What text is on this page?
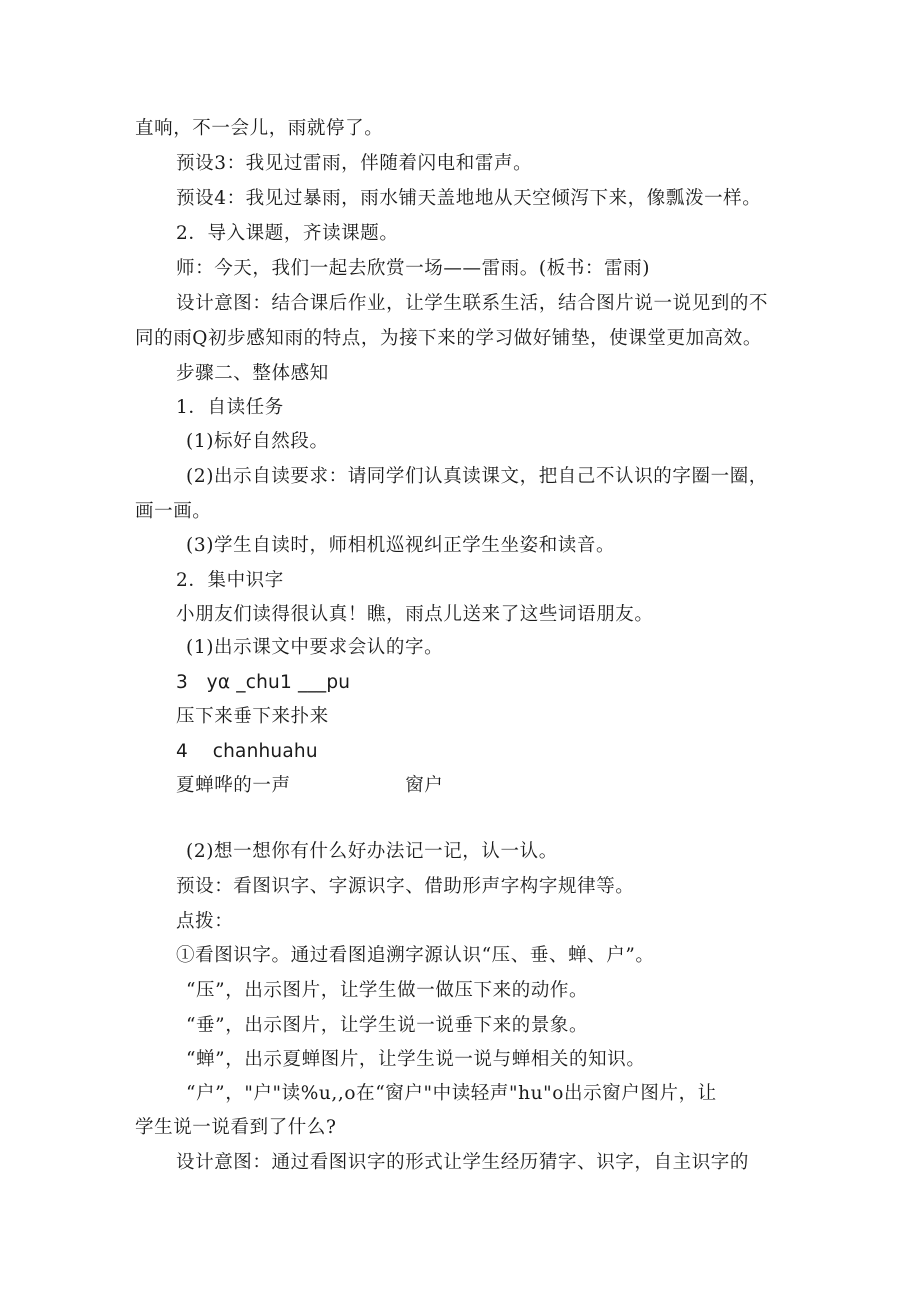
直响，不一会儿，雨就停了。
预设3：我见过雷雨，伴随着闪电和雷声。
预设4：我见过暴雨，雨水铺天盖地地从天空倾泻下来，像瓢泼一样。
2．导入课题，齐读课题。
师：今天，我们一起去欣赏一场——雷雨。(板书：雷雨)
设计意图：结合课后作业，让学生联系生活，结合图片说一说见到的不
同的雨Q初步感知雨的特点，为接下来的学习做好铺垫，使课堂更加高效。
步骤二、整体感知
1．自读任务
(1)标好自然段。
(2)出示自读要求：请同学们认真读课文，把自己不认识的字圈一圈，
画一画。
(3)学生自读时，师相机巡视纠正学生坐姿和读音。
2．集中识字
小朋友们读得很认真！瞧，雨点儿送来了这些词语朋友。
(1)出示课文中要求会认的字。
3　yα _chu1 ___pu
压下来垂下来扑来
4　 chanhuahu
夏蝉哗的一声　　　　　　窗户
(2)想一想你有什么好办法记一记，认一认。
预设：看图识字、字源识字、借助形声字构字规律等。
点拨：
①看图识字。通过看图追溯字源认识“压、垂、蝉、户”。
“压”，出示图片，让学生做一做压下来的动作。
“垂”，出示图片，让学生说一说垂下来的景象。
“蝉”，出示夏蝉图片，让学生说一说与蝉相关的知识。
“户”，"户"读%u,,o在“窗户"中读轻声"hu"o出示窗户图片，让
学生说一说看到了什么?
设计意图：通过看图识字的形式让学生经历猜字、识字，自主识字的
